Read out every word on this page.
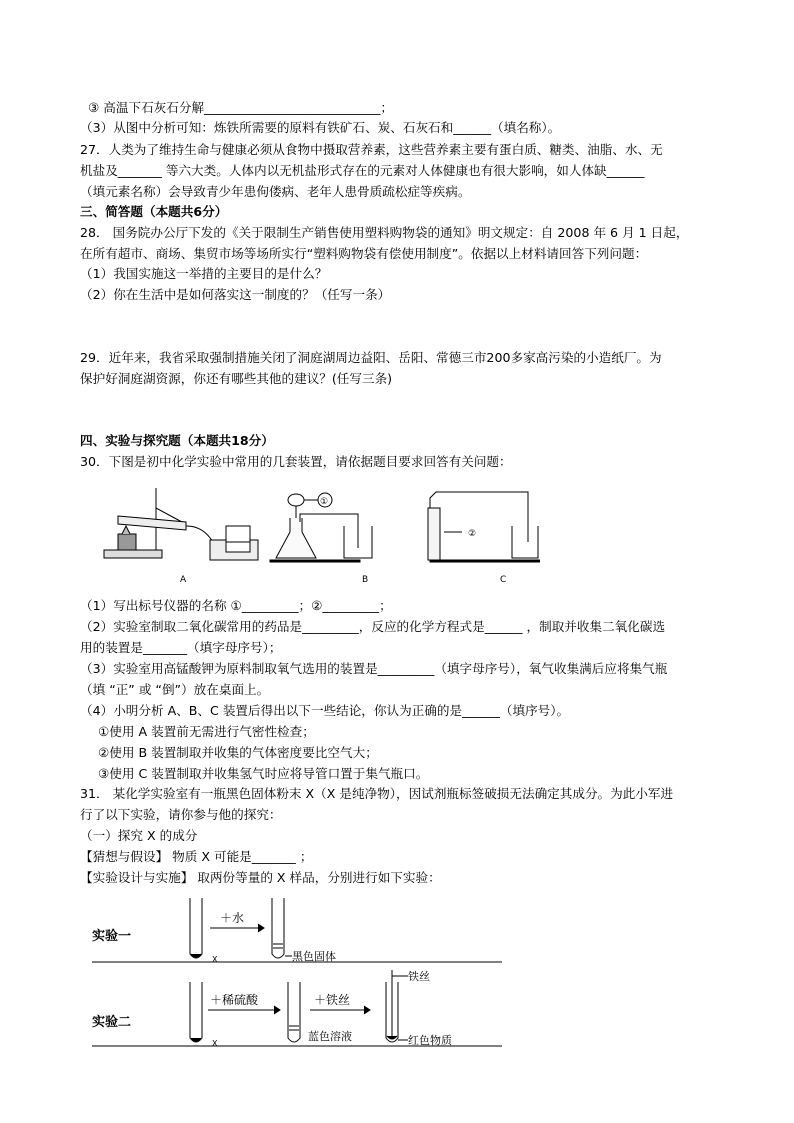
③ 高温下石灰石分解____________________________；
（3）从图中分析可知：炼铁所需要的原料有铁矿石、炭、石灰石和______（填名称）。
27．人类为了维持生命与健康必须从食物中摄取营养素，这些营养素主要有蛋白质、糖类、油脂、水、无
机盐及_______ 等六大类。人体内以无机盐形式存在的元素对人体健康也有很大影响，如人体缺______
（填元素名称）会导致青少年患佝偻病、老年人患骨质疏松症等疾病。
三、简答题（本题共6分）
28． 国务院办公厅下发的《关于限制生产销售使用塑料购物袋的通知》明文规定：自 2008 年 6 月 1 日起，
在所有超市、商场、集贸市场等场所实行“塑料购物袋有偿使用制度”。依据以上材料请回答下列问题：
（1）我国实施这一举措的主要目的是什么？
（2）你在生活中是如何落实这一制度的？（任写一条）
29．近年来，我省采取强制措施关闭了洞庭湖周边益阳、岳阳、常德三市200多家高污染的小造纸厂。为
保护好洞庭湖资源，你还有哪些其他的建议？(任写三条)
四、实验与探究题（本题共18分）
30．下图是初中化学实验中常用的几套装置，请依据题目要求回答有关问题：
A
①
B
②
C
（1）写出标号仪器的名称 ①_________；②_________；
（2）实验室制取二氧化碳常用的药品是_________，反应的化学方程式是______ ，制取并收集二氧化碳选
用的装置是_______（填字母序号）；
（3）实验室用高锰酸钾为原料制取氧气选用的装置是_________（填字母序号），氧气收集满后应将集气瓶
（填 “正” 或 “倒”）放在桌面上。
（4）小明分析 A、B、C 装置后得出以下一些结论，你认为正确的是______（填序号）。
①使用 A 装置前无需进行气密性检查；
②使用 B 装置制取并收集的气体密度要比空气大；
③使用 C 装置制取并收集氢气时应将导管口置于集气瓶口。
31． 某化学实验室有一瓶黑色固体粉末 X（X 是纯净物），因试剂瓶标签破损无法确定其成分。为此小军进
行了以下实验，请你参与他的探究：
（一）探究 X 的成分
【猜想与假设】 物质 X 可能是_______ ；
【实验设计与实施】 取两份等量的 X 样品，分别进行如下实验：
实验一
X
＋水
黑色固体
实验二
X
＋稀硫酸
蓝色溶液
＋铁丝
铁丝
红色物质
